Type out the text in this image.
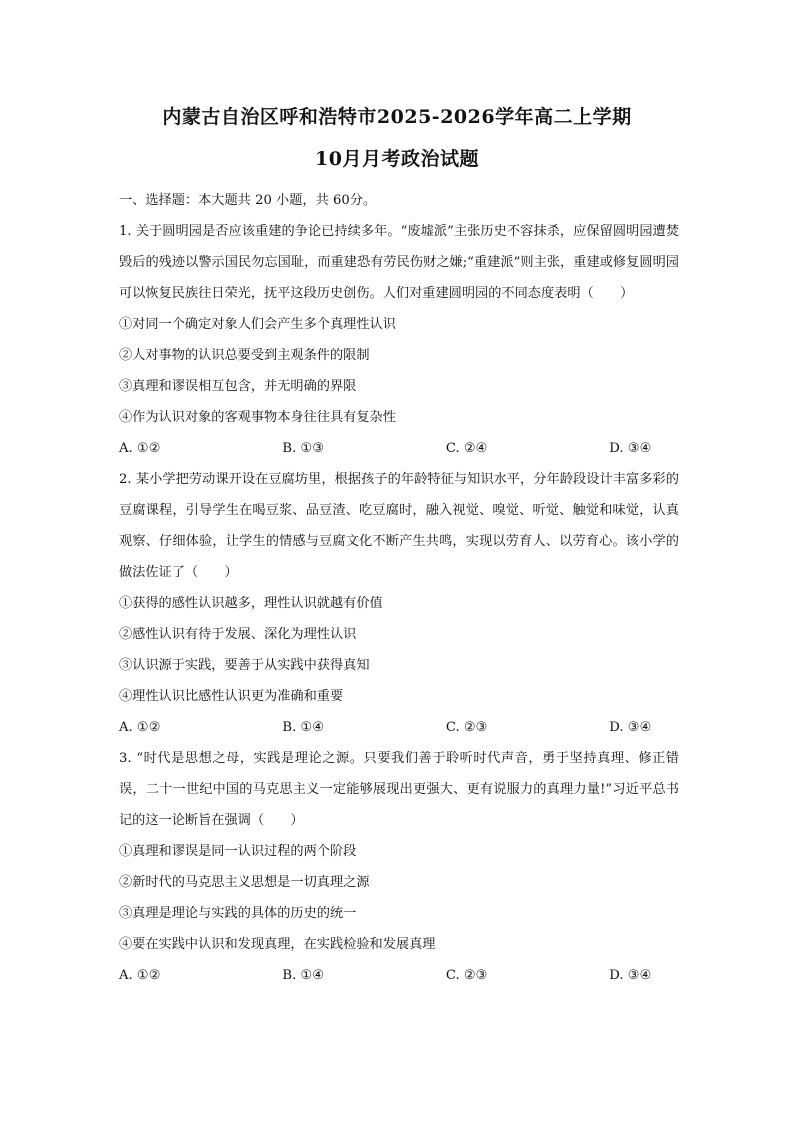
内蒙古自治区呼和浩特市2025-2026学年高二上学期
10月月考政治试题
一、选择题：本大题共 20 小题，共 60分。
1. 关于圆明园是否应该重建的争论已持续多年。“废墟派”主张历史不容抹杀，应保留圆明园遭焚毁后的残迹以警示国民勿忘国耻，而重建恐有劳民伤财之嫌;“重建派”则主张，重建或修复圆明园可以恢复民族往日荣光，抚平这段历史创伤。人们对重建圆明园的不同态度表明（　　）
①对同一个确定对象人们会产生多个真理性认识
②人对事物的认识总要受到主观条件的限制
③真理和谬误相互包含，并无明确的界限
④作为认识对象的客观事物本身往往具有复杂性
A. ①②	B. ①③	C. ②④	D. ③④
2. 某小学把劳动课开设在豆腐坊里，根据孩子的年龄特征与知识水平，分年龄段设计丰富多彩的豆腐课程，引导学生在喝豆浆、品豆渣、吃豆腐时，融入视觉、嗅觉、听觉、触觉和味觉，认真观察、仔细体验，让学生的情感与豆腐文化不断产生共鸣，实现以劳育人、以劳育心。该小学的做法佐证了（　　）
①获得的感性认识越多，理性认识就越有价值
②感性认识有待于发展、深化为理性认识
③认识源于实践，要善于从实践中获得真知
④理性认识比感性认识更为准确和重要
A. ①②	B. ①④	C. ②③	D. ③④
3. “时代是思想之母，实践是理论之源。只要我们善于聆听时代声音，勇于坚持真理、修正错误，二十一世纪中国的马克思主义一定能够展现出更强大、更有说服力的真理力量!”习近平总书记的这一论断旨在强调（　　）
①真理和谬误是同一认识过程的两个阶段
②新时代的马克思主义思想是一切真理之源
③真理是理论与实践的具体的历史的统一
④要在实践中认识和发现真理，在实践检验和发展真理
A. ①②	B. ①④	C. ②③	D. ③④
